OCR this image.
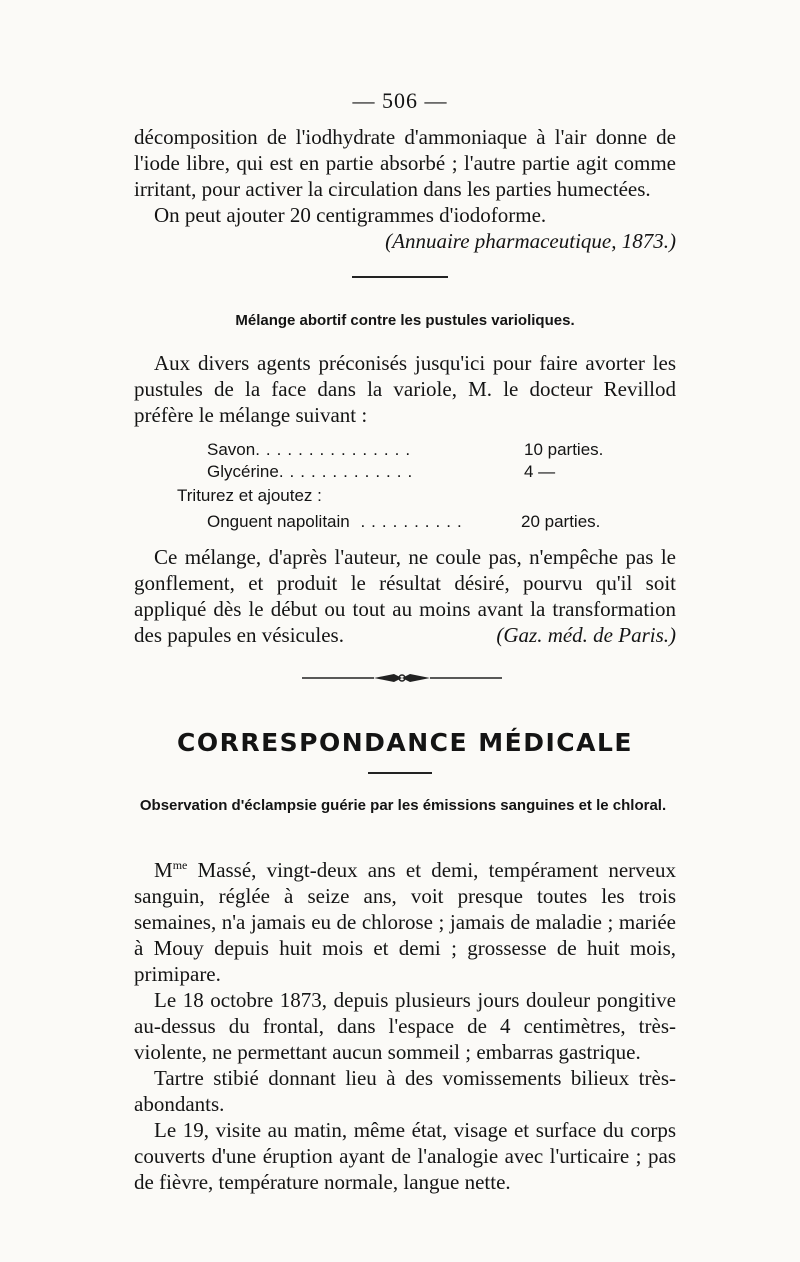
— 506 —

décomposition de l'iodhydrate d'ammoniaque à l'air donne de l'iode libre, qui est en partie absorbé ; l'autre partie agit comme irritant, pour activer la circulation dans les parties humectées.

On peut ajouter 20 centigrammes d'iodoforme.

(Annuaire pharmaceutique, 1873.)

Mélange abortif contre les pustules varioliques.

Aux divers agents préconisés jusqu'ici pour faire avorter les pustules de la face dans la variole, M. le docteur Revillod préfère le mélange suivant :

Savon...............	10 parties.
Glycérine.............	4 —
Triturez et ajoutez :
Onguent napolitain ..........	20 parties.

Ce mélange, d'après l'auteur, ne coule pas, n'empêche pas le gonflement, et produit le résultat désiré, pourvu qu'il soit appliqué dès le début ou tout au moins avant la transformation des papules en vésicules.	(Gaz. méd. de Paris.)

CORRESPONDANCE MÉDICALE
Observation d'éclampsie guérie par les émissions sanguines et le chloral.

$M^{me}$ Massé, vingt-deux ans et demi, tempérament nerveux sanguin, réglée à seize ans, voit presque toutes les trois semaines, n'a jamais eu de chlorose ; jamais de maladie ; mariée à Mouy depuis huit mois et demi ; grossesse de huit mois, primipare.

Le 18 octobre 1873, depuis plusieurs jours douleur pongitive au-dessus du frontal, dans l'espace de 4 centimètres, très-violente, ne permettant aucun sommeil ; embarras gastrique.

Tartre stibié donnant lieu à des vomissements bilieux très-abondants.

Le 19, visite au matin, même état, visage et surface du corps couverts d'une éruption ayant de l'analogie avec l'urticaire ; pas de fièvre, température normale, langue nette.
